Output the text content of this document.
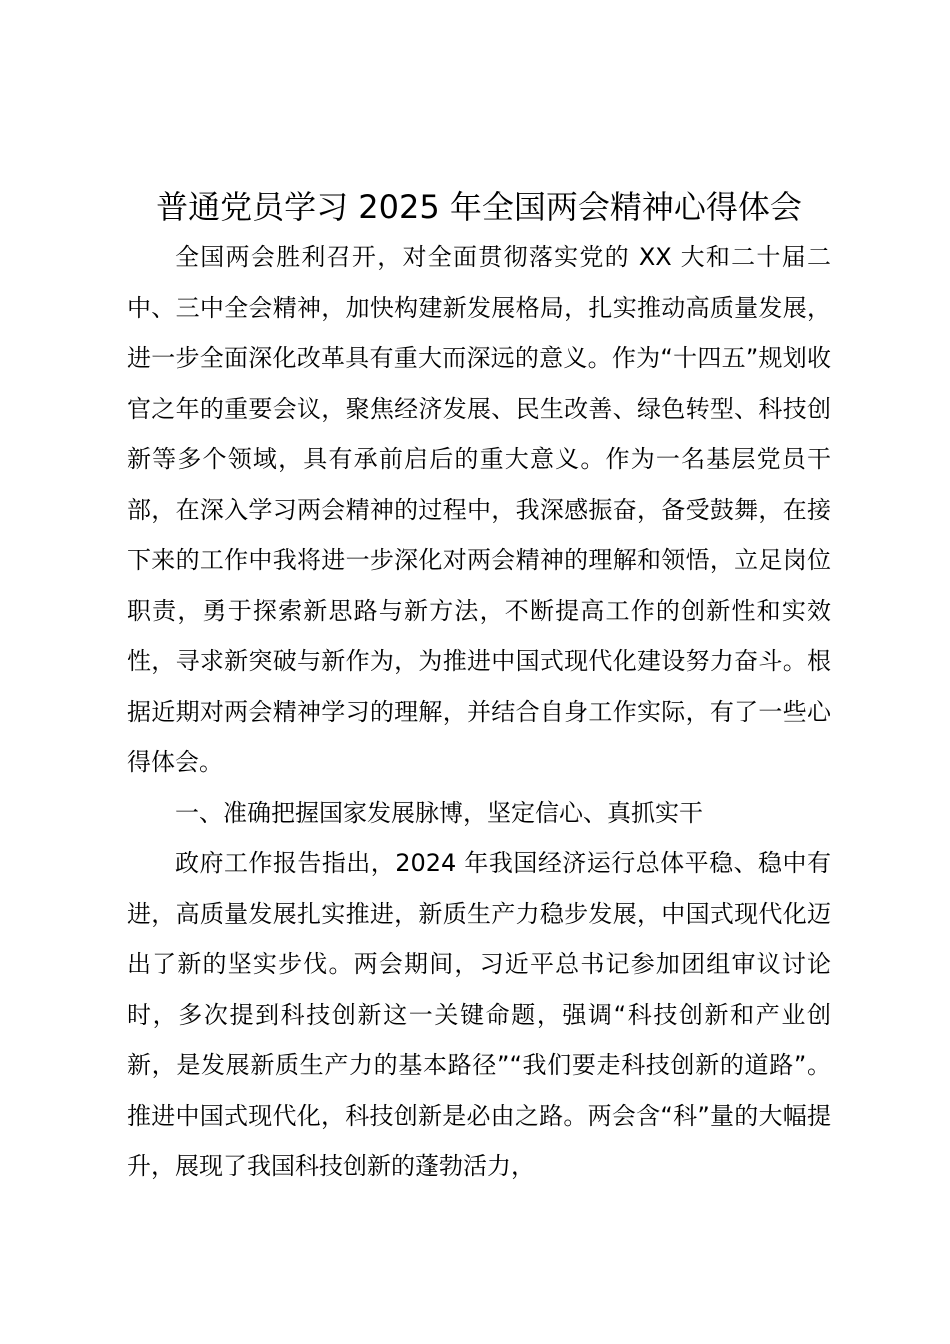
普通党员学习 2025 年全国两会精神心得体会

全国两会胜利召开，对全面贯彻落实党的 XX 大和二十届二中、三中全会精神，加快构建新发展格局，扎实推动高质量发展，进一步全面深化改革具有重大而深远的意义。作为“十四五”规划收官之年的重要会议，聚焦经济发展、民生改善、绿色转型、科技创新等多个领域，具有承前启后的重大意义。作为一名基层党员干部，在深入学习两会精神的过程中，我深感振奋，备受鼓舞，在接下来的工作中我将进一步深化对两会精神的理解和领悟，立足岗位职责，勇于探索新思路与新方法，不断提高工作的创新性和实效性，寻求新突破与新作为，为推进中国式现代化建设努力奋斗。根据近期对两会精神学习的理解，并结合自身工作实际，有了一些心得体会。

一、准确把握国家发展脉博，坚定信心、真抓实干

政府工作报告指出，2024 年我国经济运行总体平稳、稳中有进，高质量发展扎实推进，新质生产力稳步发展，中国式现代化迈出了新的坚实步伐。两会期间，习近平总书记参加团组审议讨论时，多次提到科技创新这一关键命题，强调“科技创新和产业创新，是发展新质生产力的基本路径”“我们要走科技创新的道路”。推进中国式现代化，科技创新是必由之路。两会含“科”量的大幅提升，展现了我国科技创新的蓬勃活力，
